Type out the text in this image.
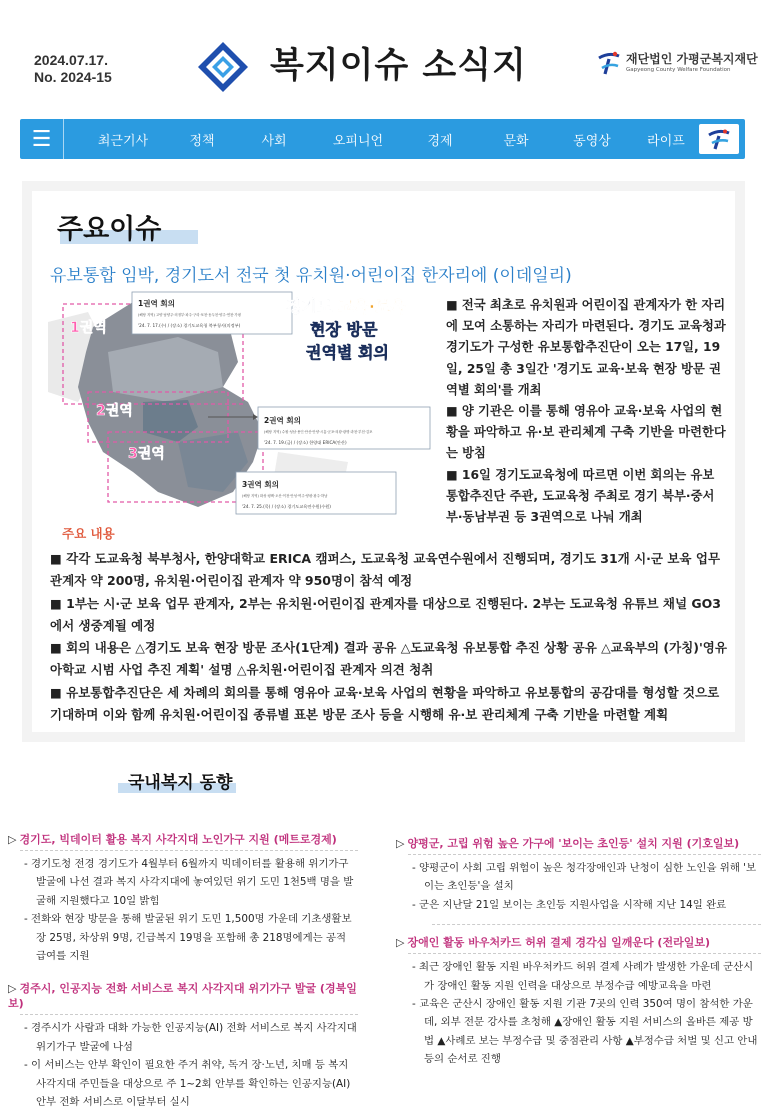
2024.07.17.
No. 2024-15	복지이슈 소식지	재단법인 가평군복지재단
Gapyeong County Welfare Foundation
☰	최근기사	정책	사회	오피니언	경제	문화	동영상	라이프
주요이슈
유보통합 임박, 경기도서 전국 첫 유치원·어린이집 한자리에 (이데일리)
1권역
2권역
3권역
1권역 회의
(해당 지역) 고양·남양주·의정부·파주·구리·포천·동두천·양주·연천·가평
'24. 7. 17.(수) / (장소) 경기도교육청 북부청사(의정부)
2권역 회의
(해당 지역) 수원·성남·용인·안산·안양·시흥·군포·의왕·광명·과천·부천·김포
'24. 7. 19.(금) / (장소) 한양대 ERICA(안산)
3권역 회의
(해당 지역) 화성·평택·오산·이천·안성·여주·양평·광주·하남
'24. 7. 25.(목) / (장소) 경기도교육연수원(수원)
경기도 교육·보육
현장 방문
권역별 회의

■ 전국 최초로 유치원과 어린이집 관계자가 한 자리에 모여 소통하는 자리가 마련된다. 경기도 교육청과 경기도가 구성한 유보통합추진단이 오는 17일, 19일, 25일 총 3일간 '경기도 교육·보육 현장 방문 권역별 회의'를 개최

■ 양 기관은 이를 통해 영유아 교육·보육 사업의 현황을 파악하고 유·보 관리체계 구축 기반을 마련한다는 방침

■ 16일 경기도교육청에 따르면 이번 회의는 유보통합추진단 주관, 도교육청 주최로 경기 북부·중서부·동남부권 등 3권역으로 나눠 개최

주요 내용

■ 각각 도교육청 북부청사, 한양대학교 ERICA 캠퍼스, 도교육청 교육연수원에서 진행되며, 경기도 31개 시·군 보육 업무 관계자 약 200명, 유치원·어린이집 관계자 약 950명이 참석 예정

■ 1부는 시·군 보육 업무 관계자, 2부는 유치원·어린이집 관계자를 대상으로 진행된다. 2부는 도교육청 유튜브 채널 GO3에서 생중계될 예정

■ 회의 내용은 △경기도 보육 현장 방문 조사(1단계) 결과 공유 △도교육청 유보통합 추진 상황 공유 △교육부의 (가칭)'영유아학교 시범 사업 추진 계획' 설명 △유치원·어린이집 관계자 의견 청취

■ 유보통합추진단은 세 차례의 회의를 통해 영유아 교육·보육 사업의 현황을 파악하고 유보통합의 공감대를 형성할 것으로 기대하며 이와 함께 유치원·어린이집 종류별 표본 방문 조사 등을 시행해 유·보 관리체계 구축 기반을 마련할 계획

국내복지 동향
▷ 경기도, 빅데이터 활용 복지 사각지대 노인가구 지원 (메트로경제)
- 경기도청 전경 경기도가 4월부터 6월까지 빅데이터를 활용해 위기가구 발굴에 나선 결과 복지 사각지대에 놓여있던 위기 도민 1천5백 명을 발굴해 지원했다고 10일 밝힘
- 전화와 현장 방문을 통해 발굴된 위기 도민 1,500명 가운데 기초생활보장 25명, 차상위 9명, 긴급복지 19명을 포함해 총 218명에게는 공적 급여를 지원
▷ 경주시, 인공지능 전화 서비스로 복지 사각지대 위기가구 발굴 (경북일보)
- 경주시가 사람과 대화 가능한 인공지능(AI) 전화 서비스로 복지 사각지대 위기가구 발굴에 나섬
- 이 서비스는 안부 확인이 필요한 주거 취약, 독거 장·노년, 치매 등 복지사각지대 주민들을 대상으로 주 1~2회 안부를 확인하는 인공지능(AI) 안부 전화 서비스로 이달부터 실시
▷ 양평군, 고립 위험 높은 가구에 '보이는 초인등' 설치 지원 (기호일보)
- 양평군이 사회 고립 위험이 높은 청각장애인과 난청이 심한 노인을 위해 '보이는 초인등'을 설치
- 군은 지난달 21일 보이는 초인등 지원사업을 시작해 지난 14일 완료
▷ 장애인 활동 바우처카드 허위 결제 경각심 일깨운다 (전라일보)
- 최근 장애인 활동 지원 바우처카드 허위 결제 사례가 발생한 가운데 군산시가 장애인 활동 지원 인력을 대상으로 부정수급 예방교육을 마련
- 교육은 군산시 장애인 활동 지원 기관 7곳의 인력 350여 명이 참석한 가운데, 외부 전문 강사를 초청해 ▲장애인 활동 지원 서비스의 올바른 제공 방법 ▲사례로 보는 부정수급 및 중점관리 사항 ▲부정수급 처벌 및 신고 안내 등의 순서로 진행
